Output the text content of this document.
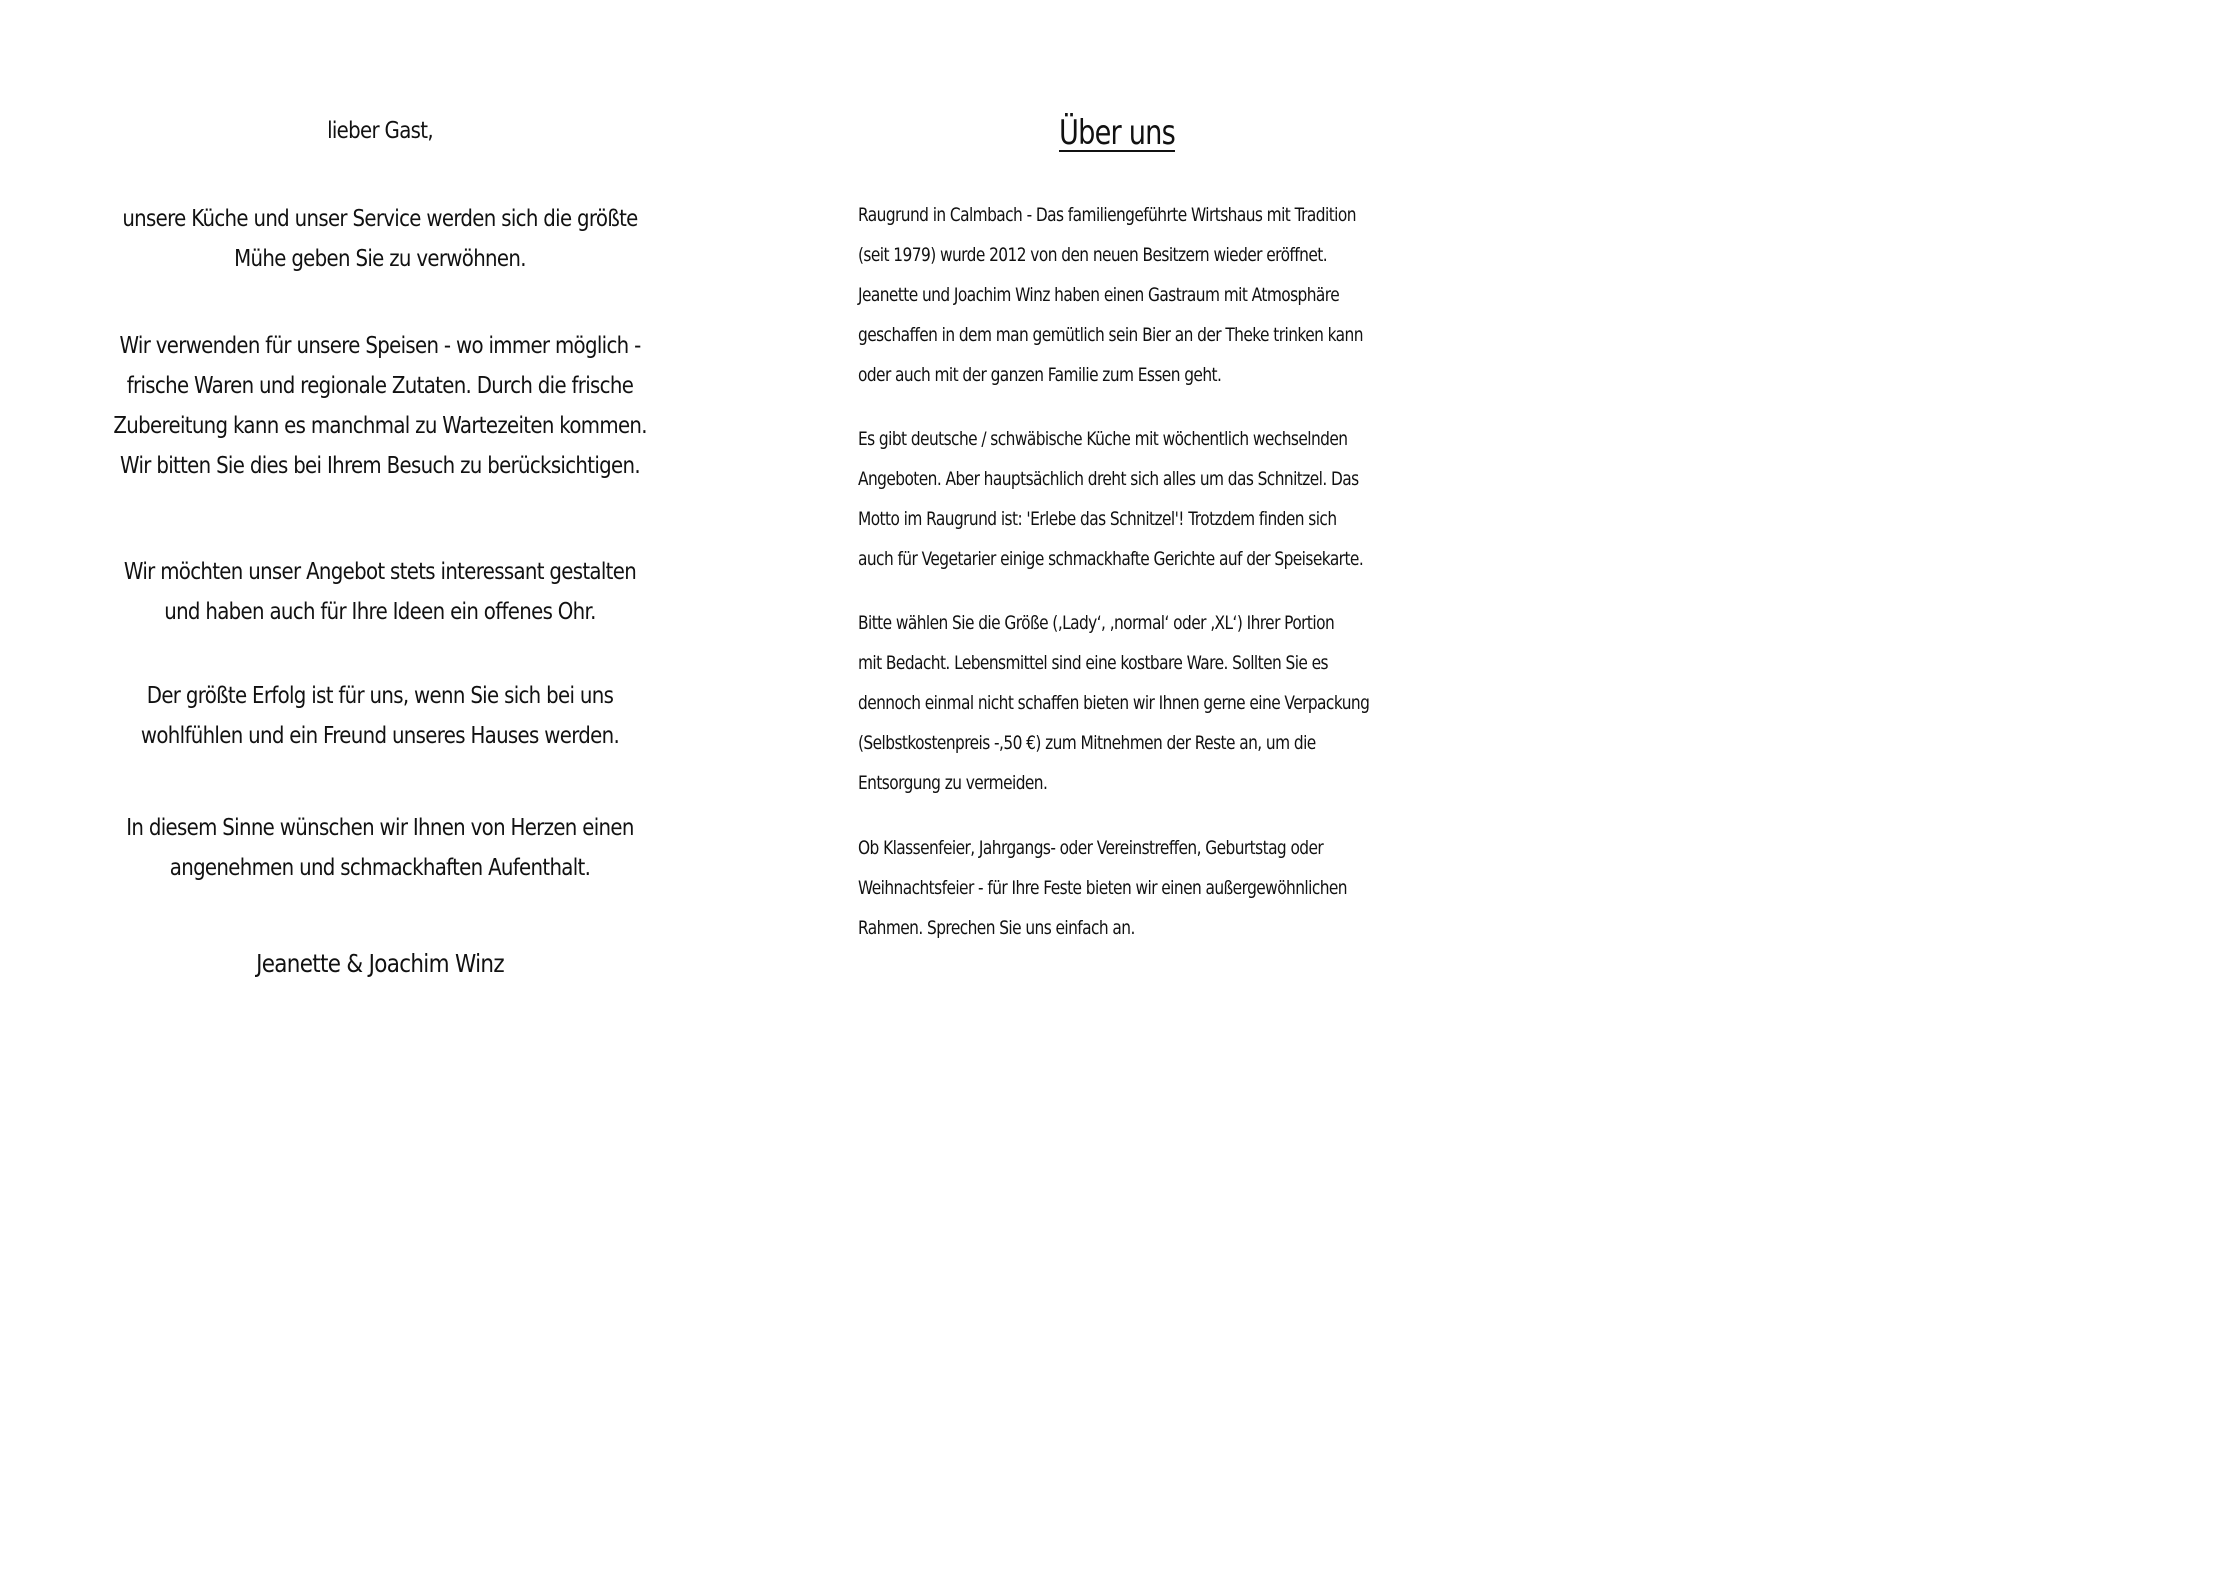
lieber Gast,
unsere Küche und unser Service werden sich die größte
Mühe geben Sie zu verwöhnen.
Wir verwenden für unsere Speisen - wo immer möglich -
frische Waren und regionale Zutaten. Durch die frische
Zubereitung kann es manchmal zu Wartezeiten kommen.
Wir bitten Sie dies bei Ihrem Besuch zu berücksichtigen.
Wir möchten unser Angebot stets interessant gestalten
und haben auch für Ihre Ideen ein offenes Ohr.
Der größte Erfolg ist für uns, wenn Sie sich bei uns
wohlfühlen und ein Freund unseres Hauses werden.
In diesem Sinne wünschen wir Ihnen von Herzen einen
angenehmen und schmackhaften Aufenthalt.
Jeanette & Joachim Winz
Über uns
Raugrund in Calmbach - Das familiengeführte Wirtshaus mit Tradition
(seit 1979) wurde 2012 von den neuen Besitzern wieder eröffnet.
Jeanette und Joachim Winz haben einen Gastraum mit Atmosphäre
geschaffen in dem man gemütlich sein Bier an der Theke trinken kann
oder auch mit der ganzen Familie zum Essen geht.
Es gibt deutsche / schwäbische Küche mit wöchentlich wechselnden
Angeboten. Aber hauptsächlich dreht sich alles um das Schnitzel. Das
Motto im Raugrund ist: 'Erlebe das Schnitzel'! Trotzdem finden sich
auch für Vegetarier einige schmackhafte Gerichte auf der Speisekarte.
Bitte wählen Sie die Größe (‚Lady‘, ‚normal‘ oder ‚XL‘) Ihrer Portion
mit Bedacht. Lebensmittel sind eine kostbare Ware. Sollten Sie es
dennoch einmal nicht schaffen bieten wir Ihnen gerne eine Verpackung
(Selbstkostenpreis -,50 €) zum Mitnehmen der Reste an, um die
Entsorgung zu vermeiden.
Ob Klassenfeier, Jahrgangs- oder Vereinstreffen, Geburtstag oder
Weihnachtsfeier - für Ihre Feste bieten wir einen außergewöhnlichen
Rahmen. Sprechen Sie uns einfach an.
